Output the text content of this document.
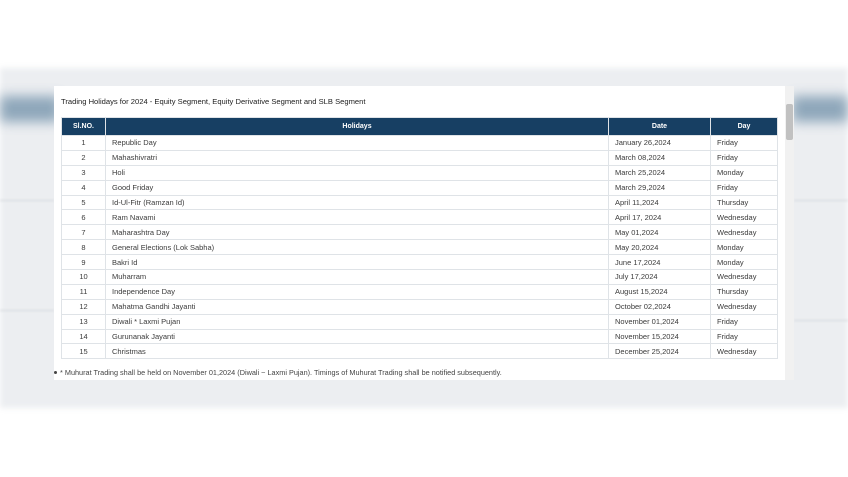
Trading Holidays for 2024 - Equity Segment, Equity Derivative Segment and SLB Segment
Sl.NO.	Holidays	Date	Day
1	Republic Day	January 26,2024	Friday
2	Mahashivratri	March 08,2024	Friday
3	Holi	March 25,2024	Monday
4	Good Friday	March 29,2024	Friday
5	Id-Ul-Fitr (Ramzan Id)	April 11,2024	Thursday
6	Ram Navami	April 17, 2024	Wednesday
7	Maharashtra Day	May 01,2024	Wednesday
8	General Elections (Lok Sabha)	May 20,2024	Monday
9	Bakri Id	June 17,2024	Monday
10	Muharram	July 17,2024	Wednesday
11	Independence Day	August 15,2024	Thursday
12	Mahatma Gandhi Jayanti	October 02,2024	Wednesday
13	Diwali * Laxmi Pujan	November 01,2024	Friday
14	Gurunanak Jayanti	November 15,2024	Friday
15	Christmas	December 25,2024	Wednesday
* Muhurat Trading shall be held on November 01,2024 (Diwali ~ Laxmi Pujan). Timings of Muhurat Trading shall be notified subsequently.
